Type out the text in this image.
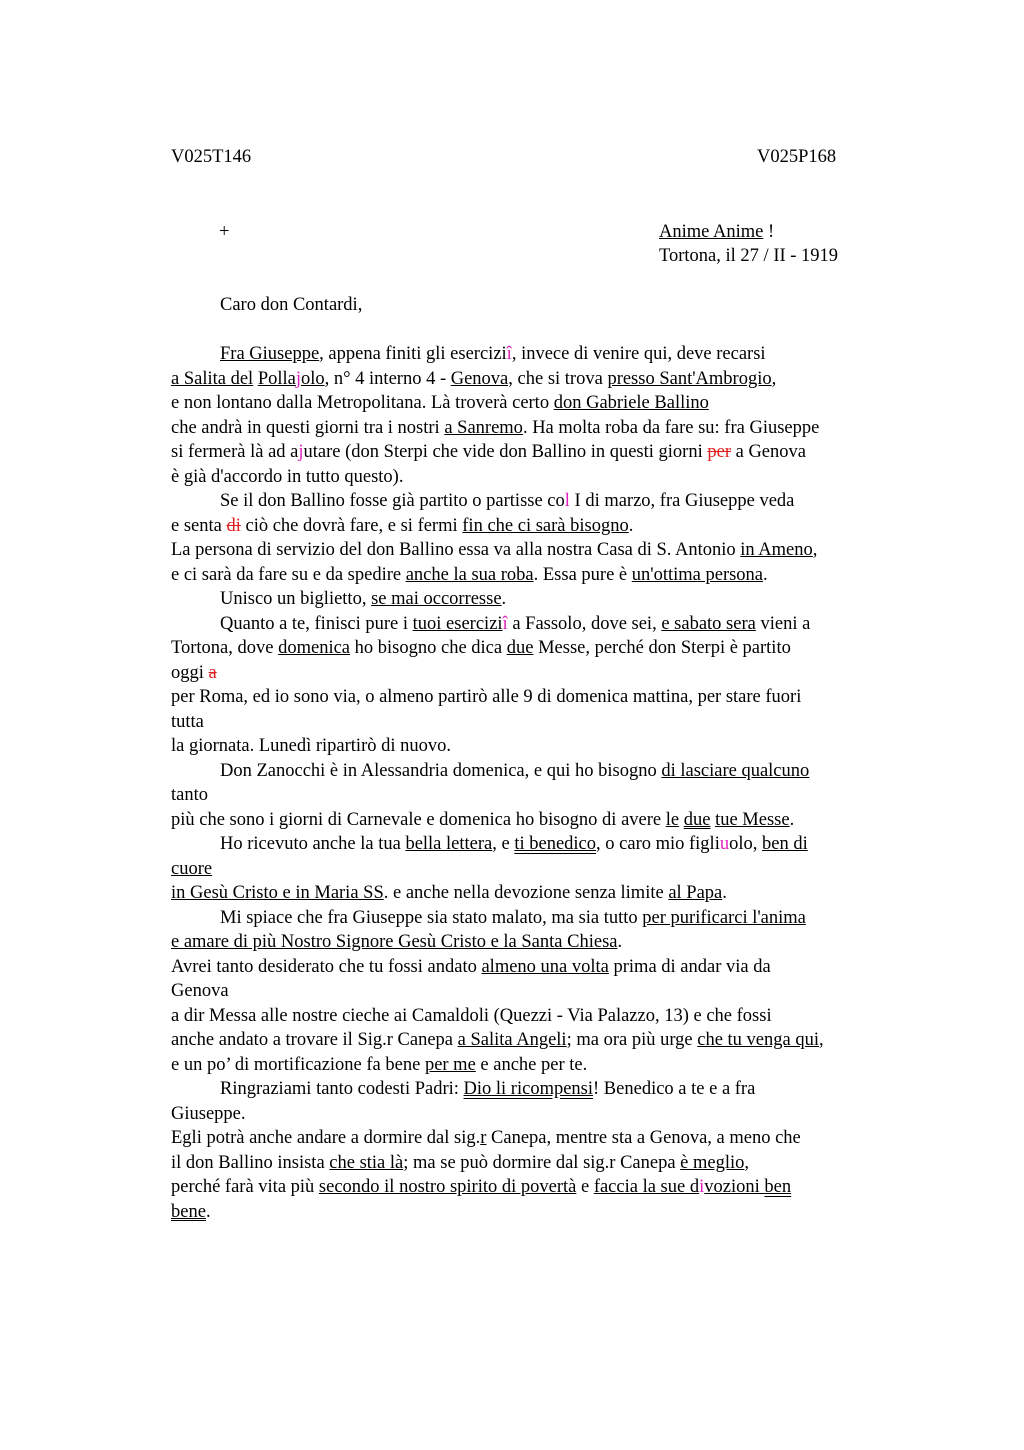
V025T146	V025P168
+	Anime Anime !
Tortona, il 27 / II - 1919
Caro don Contardi,
Fra Giuseppe, appena finiti gli eserciziî, invece di venire qui, deve recarsi
a Salita del Pollajolo, n° 4 interno 4 - Genova, che si trova presso Sant'Ambrogio,
e non lontano dalla Metropolitana. Là troverà certo don Gabriele Ballino
che andrà in questi giorni tra i nostri a Sanremo. Ha molta roba da fare su: fra Giuseppe
si fermerà là ad ajutare (don Sterpi che vide don Ballino in questi giorni per a Genova
è già d'accordo in tutto questo).
Se il don Ballino fosse già partito o partisse col I di marzo, fra Giuseppe veda
e senta di ciò che dovrà fare, e si fermi fin che ci sarà bisogno.
La persona di servizio del don Ballino essa va alla nostra Casa di S. Antonio in Ameno,
e ci sarà da fare su e da spedire anche la sua roba. Essa pure è un'ottima persona.
Unisco un biglietto, se mai occorresse.
Quanto a te, finisci pure i tuoi eserciziî a Fassolo, dove sei, e sabato sera vieni a
Tortona, dove domenica ho bisogno che dica due Messe, perché don Sterpi è partito
oggi a
per Roma, ed io sono via, o almeno partirò alle 9 di domenica mattina, per stare fuori
tutta
la giornata. Lunedì ripartirò di nuovo.
Don Zanocchi è in Alessandria domenica, e qui ho bisogno di lasciare qualcuno
tanto
più che sono i giorni di Carnevale e domenica ho bisogno di avere le due tue Messe.
Ho ricevuto anche la tua bella lettera, e ti benedico, o caro mio figliuolo, ben di
cuore
in Gesù Cristo e in Maria SS. e anche nella devozione senza limite al Papa.
Mi spiace che fra Giuseppe sia stato malato, ma sia tutto per purificarci l'anima
e amare di più Nostro Signore Gesù Cristo e la Santa Chiesa.
Avrei tanto desiderato che tu fossi andato almeno una volta prima di andar via da
Genova
a dir Messa alle nostre cieche ai Camaldoli (Quezzi - Via Palazzo, 13) e che fossi
anche andato a trovare il Sig.r Canepa a Salita Angeli; ma ora più urge che tu venga qui,
e un po’ di mortificazione fa bene per me e anche per te.
Ringraziami tanto codesti Padri: Dio li ricompensi! Benedico a te e a fra
Giuseppe.
Egli potrà anche andare a dormire dal sig.r Canepa, mentre sta a Genova, a meno che
il don Ballino insista che stia là; ma se può dormire dal sig.r Canepa è meglio,
perché farà vita più secondo il nostro spirito di povertà e faccia la sue divozioni ben
bene.
